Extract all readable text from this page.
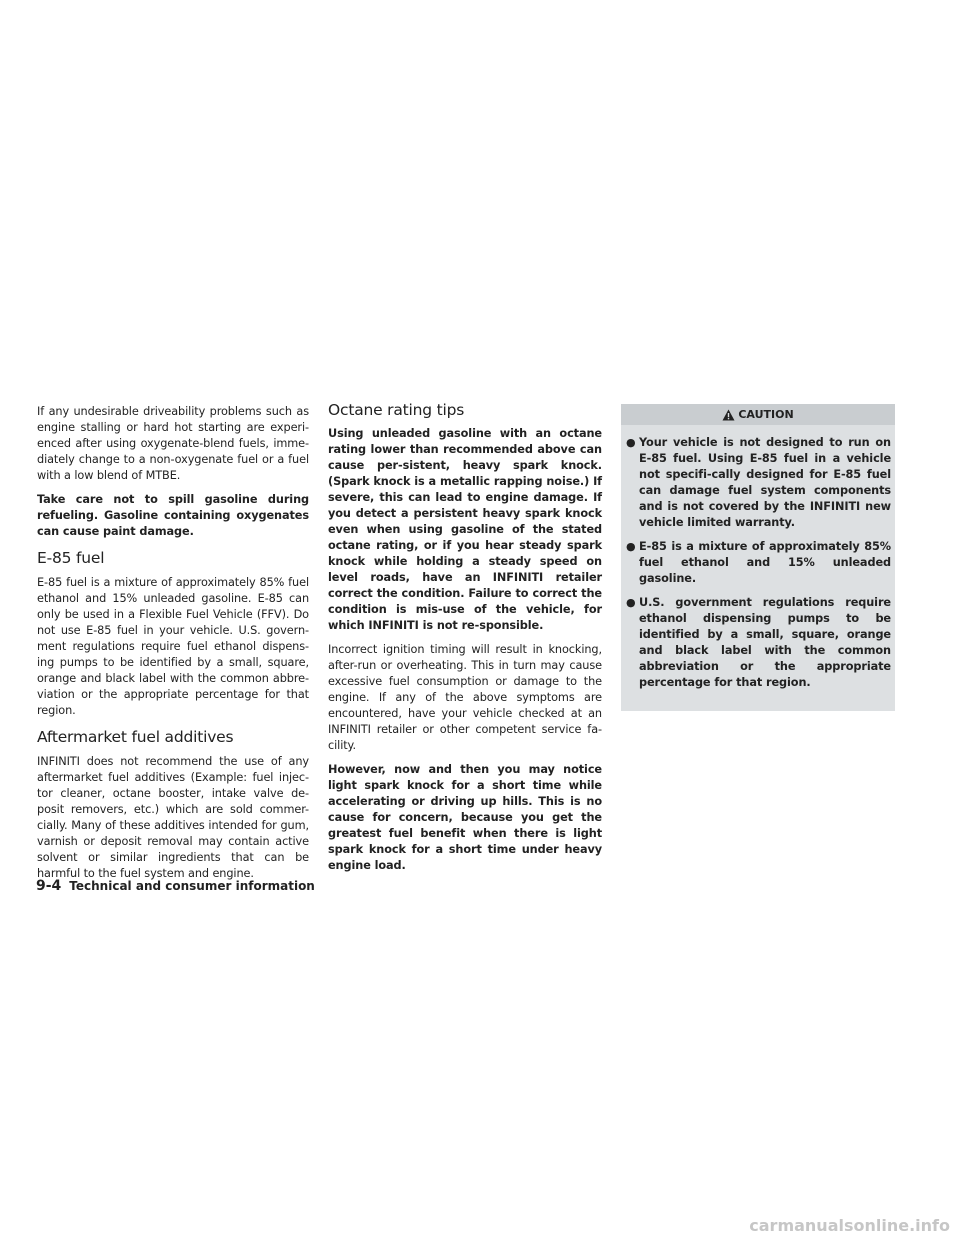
If any undesirable driveability problems such as engine stalling or hard hot starting are experi-enced after using oxygenate-blend fuels, imme-diately change to a non-oxygenate fuel or a fuel with a low blend of MTBE.

Take care not to spill gasoline during refueling. Gasoline containing oxygenates can cause paint damage.

E-85 fuel

E-85 fuel is a mixture of approximately 85% fuel ethanol and 15% unleaded gasoline. E-85 can only be used in a Flexible Fuel Vehicle (FFV). Do not use E-85 fuel in your vehicle. U.S. govern-ment regulations require fuel ethanol dispens-ing pumps to be identified by a small, square, orange and black label with the common abbre-viation or the appropriate percentage for that region.

Aftermarket fuel additives

INFINITI does not recommend the use of any aftermarket fuel additives (Example: fuel injec-tor cleaner, octane booster, intake valve de-posit removers, etc.) which are sold commer-cially. Many of these additives intended for gum, varnish or deposit removal may contain active solvent or similar ingredients that can be harmful to the fuel system and engine.

Octane rating tips

Using unleaded gasoline with an octane rating lower than recommended above can cause per-sistent, heavy spark knock. (Spark knock is a metallic rapping noise.) If severe, this can lead to engine damage. If you detect a persistent heavy spark knock even when using gasoline of the stated octane rating, or if you hear steady spark knock while holding a steady speed on level roads, have an INFINITI retailer correct the condition. Failure to correct the condition is mis-use of the vehicle, for which INFINITI is not re-sponsible.

Incorrect ignition timing will result in knocking, after-run or overheating. This in turn may cause excessive fuel consumption or damage to the engine. If any of the above symptoms are encountered, have your vehicle checked at an INFINITI retailer or other competent service fa-cility.

However, now and then you may notice light spark knock for a short time while accelerating or driving up hills. This is no cause for concern, because you get the greatest fuel benefit when there is light spark knock for a short time under heavy engine load.

CAUTION
● Your vehicle is not designed to run on E-85 fuel. Using E-85 fuel in a vehicle not specifi-cally designed for E-85 fuel can damage fuel system components and is not covered by the INFINITI new vehicle limited warranty.
● E-85 is a mixture of approximately 85% fuel ethanol and 15% unleaded gasoline.
● U.S. government regulations require ethanol dispensing pumps to be identified by a small, square, orange and black label with the common abbreviation or the appropriate percentage for that region.
9-4 Technical and consumer information
carmanualsonline.info
